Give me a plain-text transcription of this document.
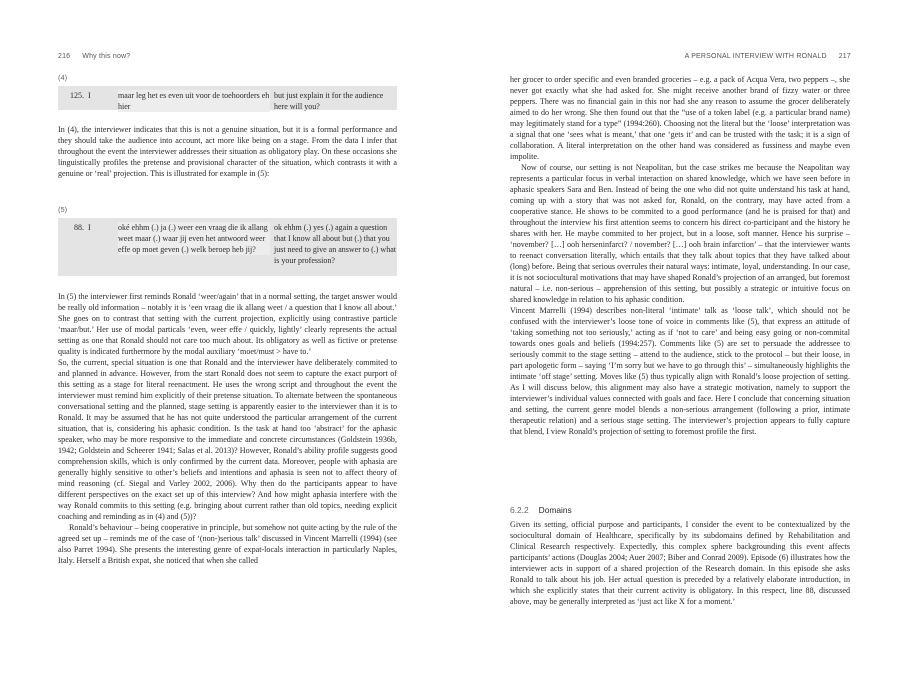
216 Why this now?
(4)
125. I	maar leg het es even uit voor de toehoorders eh hier
but just explain it for the audience here will you?

In (4), the interviewer indicates that this is not a genuine situation, but it is a formal performance and they should take the audience into account, act more like being on a stage. From the data I infer that throughout the event the interviewer addresses their situation as obligatory play. On these occasions she linguistically profiles the pretense and provisional character of the situation, which contrasts it with a genuine or ‘real’ projection. This is illustrated for example in (5):

(5)
88. I	oké ehhm (.) ja (.) weer een vraag die ik allang weet maar (.) waar jij even het antwoord weer effe op moet geven (.) welk beroep heb jij?
ok ehhm (.) yes (.) again a question that I know all about but (.) that you just need to give an answer to (.) what is your profession?

In (5) the interviewer first reminds Ronald ‘weer/again’ that in a normal setting, the target answer would be really old information – notably it is ‘een vraag die ik allang weet / a question that I know all about.’ She goes on to contrast that setting with the current projection, explicitly using contrastive particle ‘maar/but.’ Her use of modal particals ‘even, weer effe / quickly, lightly’ clearly represents the actual setting as one that Ronald should not care too much about. Its obligatory as well as fictive or pretense quality is indicated furthermore by the modal auxiliary ‘moet/must > have to.’

So, the current, special situation is one that Ronald and the interviewer have deliberately commited to and planned in advance. However, from the start Ronald does not seem to capture the exact purport of this setting as a stage for literal reenactment. He uses the wrong script and throughout the event the interviewer must remind him explicitly of their pretense situation. To alternate between the spontaneous conversational setting and the planned, stage setting is apparently easier to the interviewer than it is to Ronald. It may be assumed that he has not quite understood the particular arrangement of the current situation, that is, considering his aphasic condition. Is the task at hand too ‘abstract’ for the aphasic speaker, who may be more responsive to the immediate and concrete circumstances (Goldstein 1936b, 1942; Goldstein and Scheerer 1941; Salas et al. 2013)? However, Ronald’s ability profile suggests good comprehension skills, which is only confirmed by the current data. Moreover, people with aphasia are generally highly sensitive to other’s beliefs and intentions and aphasia is seen not to affect theory of mind reasoning (cf. Siegal and Varley 2002, 2006). Why then do the participants appear to have different perspectives on the exact set up of this interview? And how might aphasia interfere with the way Ronald commits to this setting (e.g. bringing about current rather than old topics, needing explicit coaching and reminding as in (4) and (5))?

Ronald’s behaviour – being cooperative in principle, but somehow not quite acting by the rule of the agreed set up – reminds me of the case of ‘(non-)serious talk’ discussed in Vincent Marrelli (1994) (see also Parret 1994). She presents the interesting genre of expat-locals interaction in particularly Naples, Italy. Herself a British expat, she noticed that when she called

A PERSONAL INTERVIEW WITH RONALD 217

her grocer to order specific and even branded groceries – e.g. a pack of Acqua Vera, two peppers –, she never got exactly what she had asked for. She might receive another brand of fizzy water or three peppers. There was no financial gain in this nor had she any reason to assume the grocer deliberately aimed to do her wrong. She then found out that the “use of a token label (e.g. a particular brand name) may legitimately stand for a type” (1994:260). Choosing not the literal but the ‘loose’ interpretation was a signal that one ‘sees what is meant,’ that one ‘gets it’ and can be trusted with the task; it is a sign of collaboration. A literal interpretation on the other hand was considered as fussiness and maybe even impolite.

Now of course, our setting is not Neapolitan, but the case strikes me because the Neapolitan way represents a particular focus in verbal interaction on shared knowledge, which we have seen before in aphasic speakers Sara and Ben. Instead of being the one who did not quite understand his task at hand, coming up with a story that was not asked for, Ronald, on the contrary, may have acted from a cooperative stance. He shows to be commited to a good performance (and he is praised for that) and throughout the interview his first attention seems to concern his direct co-participant and the history he shares with her. He maybe commited to her project, but in a loose, soft manner. Hence his surprise – ‘november? […] ooh herseninfarct? / november? […] ooh brain infarction’ – that the interviewer wants to reenact conversation literally, which entails that they talk about topics that they have talked about (long) before. Being that serious overrules their natural ways: intimate, loyal, understanding. In our case, it is not sociocultural motivations that may have shaped Ronald’s projection of an arranged, but foremost natural – i.e. non-serious – apprehension of this setting, but possibly a strategic or intuitive focus on shared knowledge in relation to his aphasic condition.

Vincent Marrelli (1994) describes non-literal ‘intimate’ talk as ‘loose talk’, which should not be confused with the interviewer’s loose tone of voice in comments like (5), that express an attitude of ‘taking something not too seriously,’ acting as if ‘not to care’ and being easy going or non-commital towards ones goals and beliefs (1994:257). Comments like (5) are set to persuade the addressee to seriously commit to the stage setting – attend to the audience, stick to the protocol – but their loose, in part apologetic form – saying ‘I’m sorry but we have to go through this’ – simultaneously highlights the intimate ‘off stage’ setting. Moves like (5) thus typically align with Ronald’s loose projection of setting. As I will discuss below, this alignment may also have a strategic motivation, namely to support the interviewer’s individual values connected with goals and face. Here I conclude that concerning situation and setting, the current genre model blends a non-serious arrangement (following a prior, intimate therapeutic relation) and a serious stage setting. The interviewer’s projection appears to fully capture that blend, I view Ronald’s projection of setting to foremost profile the first.

6.2.2 Domains

Given its setting, official purpose and participants, I consider the event to be contextualized by the sociocultural domain of Healthcare, specifically by its subdomains defined by Rehabilitation and Clinical Research respectively. Expectedly, this complex sphere backgrounding this event affects participants’ actions (Douglas 2004; Auer 2007; Biber and Conrad 2009). Episode (6) illustrates how the interviewer acts in support of a shared projection of the Research domain. In this episode she asks Ronald to talk about his job. Her actual question is preceded by a relatively elaborate introduction, in which she explicitly states that their current activity is obligatory. In this respect, line 88, discussed above, may be generally interpreted as ‘just act like X for a moment.’
